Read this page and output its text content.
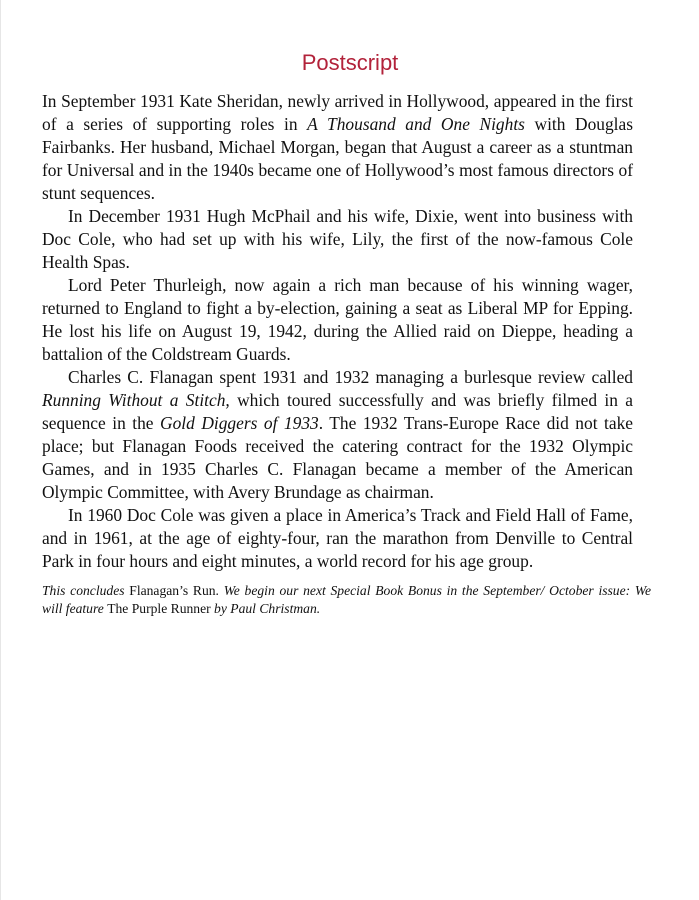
Postscript

In September 1931 Kate Sheridan, newly arrived in Hollywood, appeared in the first of a series of supporting roles in A Thousand and One Nights with Douglas Fairbanks. Her husband, Michael Morgan, began that August a career as a stuntman for Universal and in the 1940s became one of Hollywood’s most famous directors of stunt sequences.

In December 1931 Hugh McPhail and his wife, Dixie, went into business with Doc Cole, who had set up with his wife, Lily, the first of the now-famous Cole Health Spas.

Lord Peter Thurleigh, now again a rich man because of his winning wager, returned to England to fight a by-election, gaining a seat as Liberal MP for Epping. He lost his life on August 19, 1942, during the Allied raid on Dieppe, heading a battalion of the Coldstream Guards.

Charles C. Flanagan spent 1931 and 1932 managing a burlesque review called Running Without a Stitch, which toured successfully and was briefly filmed in a sequence in the Gold Diggers of 1933. The 1932 Trans-Europe Race did not take place; but Flanagan Foods received the catering contract for the 1932 Olympic Games, and in 1935 Charles C. Flanagan became a member of the American Olympic Committee, with Avery Brundage as chairman.

In 1960 Doc Cole was given a place in America’s Track and Field Hall of Fame, and in 1961, at the age of eighty-four, ran the marathon from Denville to Central Park in four hours and eight minutes, a world record for his age group.

This concludes Flanagan’s Run. We begin our next Special Book Bonus in the September/ October issue: We will feature The Purple Runner by Paul Christman.
